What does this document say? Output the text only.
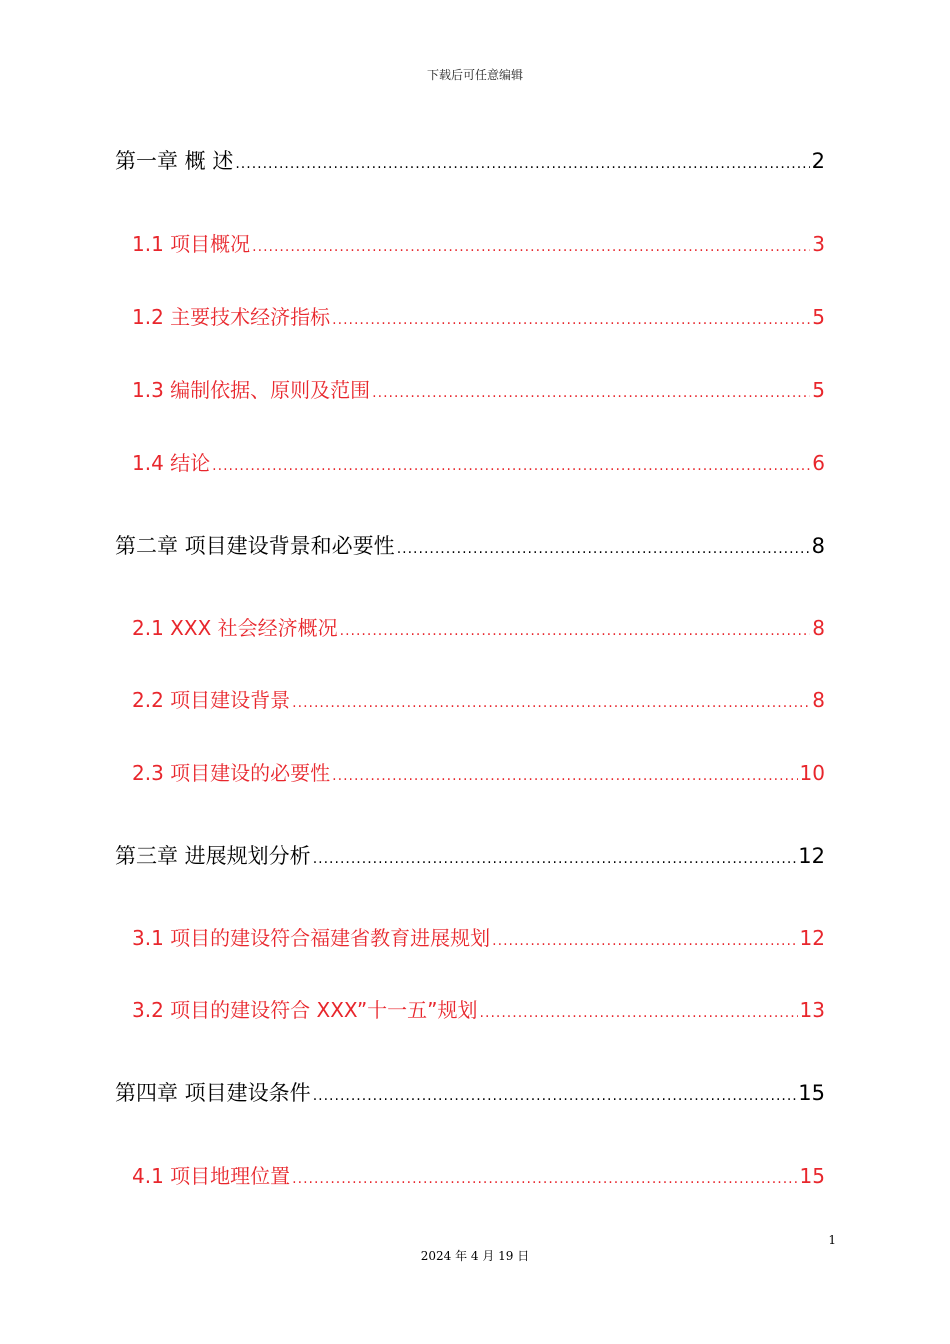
下载后可任意编辑
第一章 概 述 .....	2
1.1 项目概况 .....	3
1.2 主要技术经济指标 .....	5
1.3 编制依据、原则及范围 .....	5
1.4 结论 .....	6
第二章 项目建设背景和必要性 .....	8
2.1 XXX 社会经济概况 .....	8
2.2 项目建设背景 .....	8
2.3 项目建设的必要性 .....	10
第三章 进展规划分析 .....	12
3.1 项目的建设符合福建省教育进展规划 .....	12
3.2 项目的建设符合 XXX”十一五”规划 .....	13
第四章 项目建设条件 .....	15
4.1 项目地理位置 .....	15
1
2024 年 4 月 19 日
